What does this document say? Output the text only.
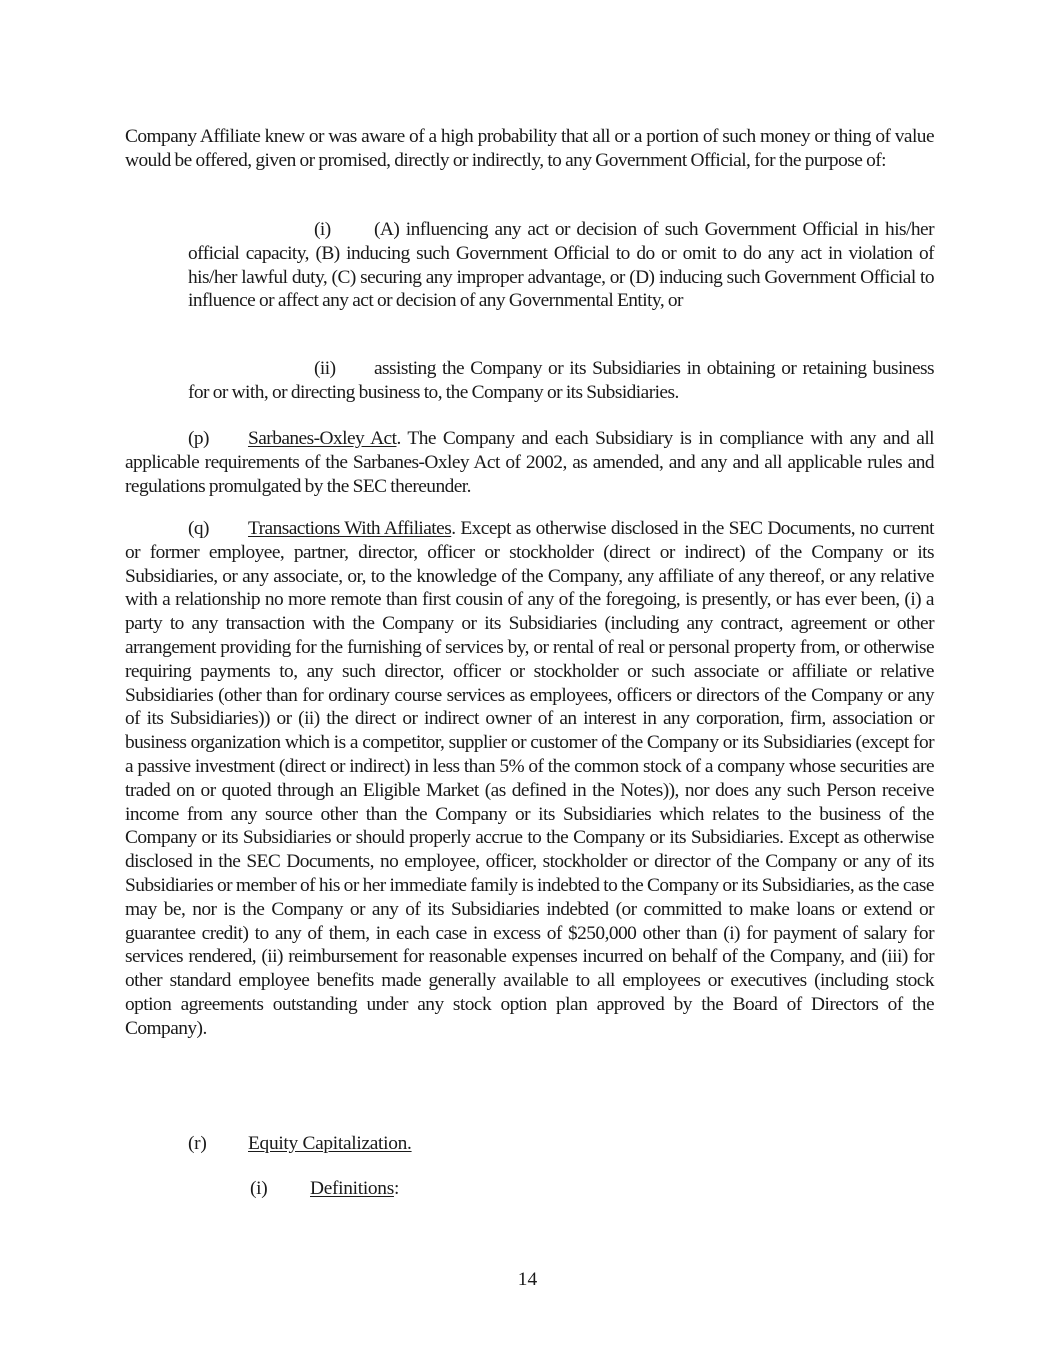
Company Affiliate knew or was aware of a high probability that all or a portion of such money or thing of value would be offered, given or promised, directly or indirectly, to any Government Official, for the purpose of:

(i) (A) influencing any act or decision of such Government Official in his/her official capacity, (B) inducing such Government Official to do or omit to do any act in violation of his/her lawful duty, (C) securing any improper advantage, or (D) inducing such Government Official to influence or affect any act or decision of any Governmental Entity, or

(ii) assisting the Company or its Subsidiaries in obtaining or retaining business for or with, or directing business to, the Company or its Subsidiaries.

(p) Sarbanes-Oxley Act. The Company and each Subsidiary is in compliance with any and all applicable requirements of the Sarbanes-Oxley Act of 2002, as amended, and any and all applicable rules and regulations promulgated by the SEC thereunder.

(q) Transactions With Affiliates. Except as otherwise disclosed in the SEC Documents, no current or former employee, partner, director, officer or stockholder (direct or indirect) of the Company or its Subsidiaries, or any associate, or, to the knowledge of the Company, any affiliate of any thereof, or any relative with a relationship no more remote than first cousin of any of the foregoing, is presently, or has ever been, (i) a party to any transaction with the Company or its Subsidiaries (including any contract, agreement or other arrangement providing for the furnishing of services by, or rental of real or personal property from, or otherwise requiring payments to, any such director, officer or stockholder or such associate or affiliate or relative Subsidiaries (other than for ordinary course services as employees, officers or directors of the Company or any of its Subsidiaries)) or (ii) the direct or indirect owner of an interest in any corporation, firm, association or business organization which is a competitor, supplier or customer of the Company or its Subsidiaries (except for a passive investment (direct or indirect) in less than 5% of the common stock of a company whose securities are traded on or quoted through an Eligible Market (as defined in the Notes)), nor does any such Person receive income from any source other than the Company or its Subsidiaries which relates to the business of the Company or its Subsidiaries or should properly accrue to the Company or its Subsidiaries. Except as otherwise disclosed in the SEC Documents, no employee, officer, stockholder or director of the Company or any of its Subsidiaries or member of his or her immediate family is indebted to the Company or its Subsidiaries, as the case may be, nor is the Company or any of its Subsidiaries indebted (or committed to make loans or extend or guarantee credit) to any of them, in each case in excess of $250,000 other than (i) for payment of salary for services rendered, (ii) reimbursement for reasonable expenses incurred on behalf of the Company, and (iii) for other standard employee benefits made generally available to all employees or executives (including stock option agreements outstanding under any stock option plan approved by the Board of Directors of the Company).

(r) Equity Capitalization.
(i) Definitions:
14
